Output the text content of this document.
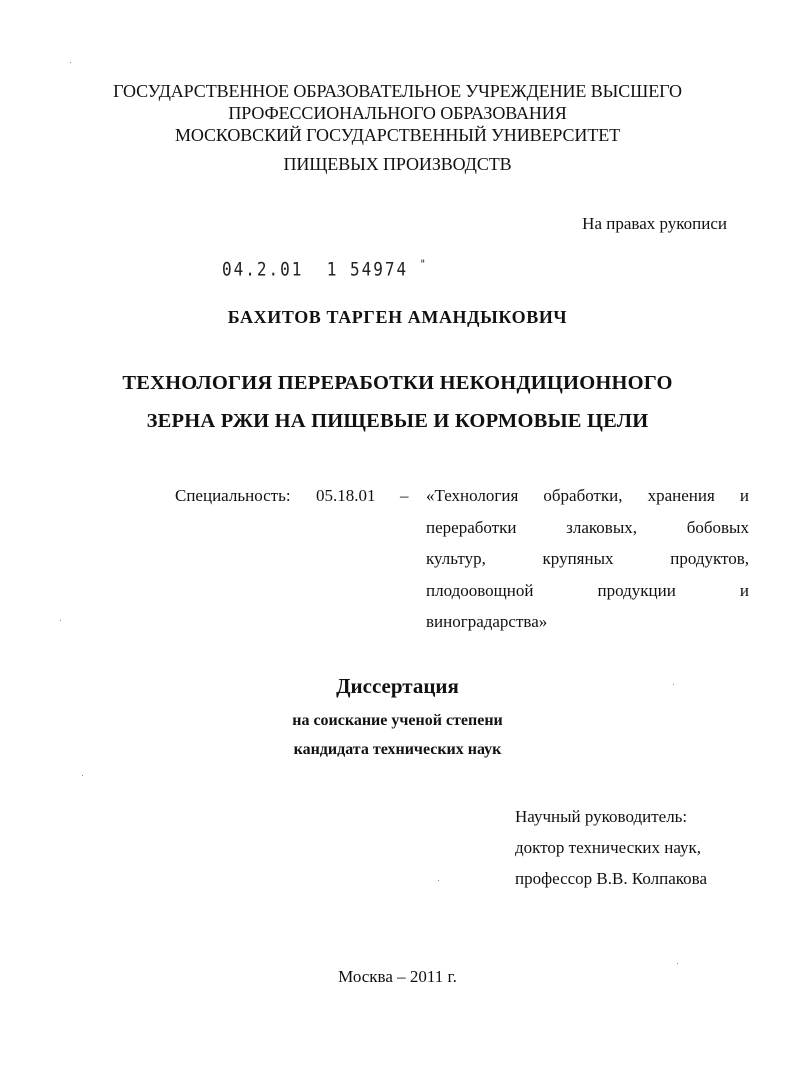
ГОСУДАРСТВЕННОЕ ОБРАЗОВАТЕЛЬНОЕ УЧРЕЖДЕНИЕ ВЫСШЕГО
ПРОФЕССИОНАЛЬНОГО ОБРАЗОВАНИЯ
МОСКОВСКИЙ ГОСУДАРСТВЕННЫЙ УНИВЕРСИТЕТ
ПИЩЕВЫХ ПРОИЗВОДСТВ
На правах рукописи
04.2.01  1 54974 "
БАХИТОВ ТАРГЕН АМАНДЫКОВИЧ
ТЕХНОЛОГИЯ ПЕРЕРАБОТКИ НЕКОНДИЦИОННОГО
ЗЕРНА РЖИ НА ПИЩЕВЫЕ И КОРМОВЫЕ ЦЕЛИ
Специальность: 05.18.01 – «Технология обработки, хранения и
переработки	злаковых,	бобовых
культур,	крупяных	продуктов,
плодоовощной	продукции	и
виноградарства»
Диссертация
на соискание ученой степени
кандидата технических наук
Научный руководитель:
доктор технических наук,
профессор В.В. Колпакова
Москва – 2011 г.
